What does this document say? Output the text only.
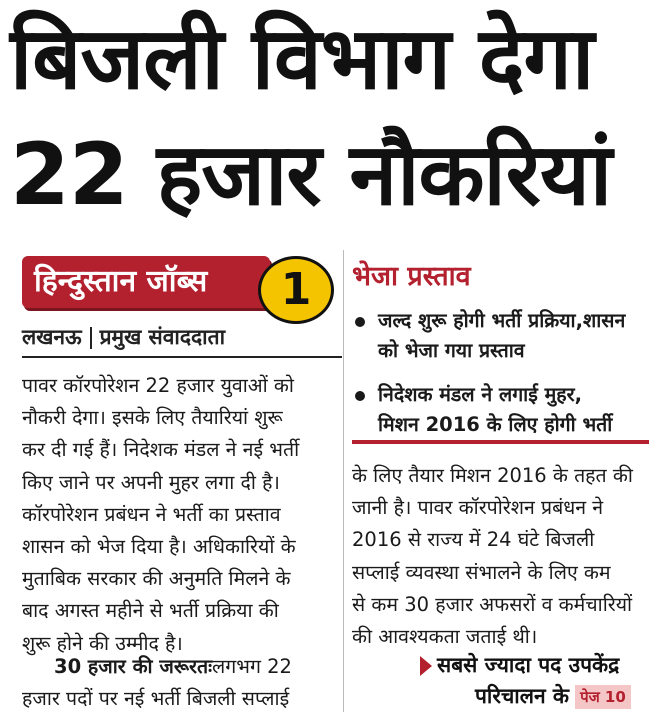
बिजली विभाग देगा
22 हजार नौकरियां
हिन्दुस्तान जॉब्स	1
लखनऊ प्रमुख संवाददाता

पावर कॉरपोरेशन 22 हजार युवाओं को

नौकरी देगा। इसके लिए तैयारियां शुरू

कर दी गई हैं। निदेशक मंडल ने नई भर्ती

किए जाने पर अपनी मुहर लगा दी है।

कॉरपोरेशन प्रबंधन ने भर्ती का प्रस्ताव

शासन को भेज दिया है। अधिकारियों के

मुताबिक सरकार की अनुमति मिलने के

बाद अगस्त महीने से भर्ती प्रक्रिया की

शुरू होने की उम्मीद है।

30 हजार की जरूरतःलगभग 22
हजार पदों पर नई भर्ती बिजली सप्लाई
भेजा प्रस्ताव
जल्द शुरू होगी भर्ती प्रक्रिया,शासन
को भेजा गया प्रस्ताव
निदेशक मंडल ने लगाई मुहर,
मिशन 2016 के लिए होगी भर्ती

के लिए तैयार मिशन 2016 के तहत की

जानी है। पावर कॉरपोरेशन प्रबंधन ने

2016 से राज्य में 24 घंटे बिजली

सप्लाई व्यवस्था संभालने के लिए कम

से कम 30 हजार अफसरों व कर्मचारियों

की आवश्यकता जताई थी।

सबसे ज्यादा पद उपकेंद्र
परिचालन के पेज 10
